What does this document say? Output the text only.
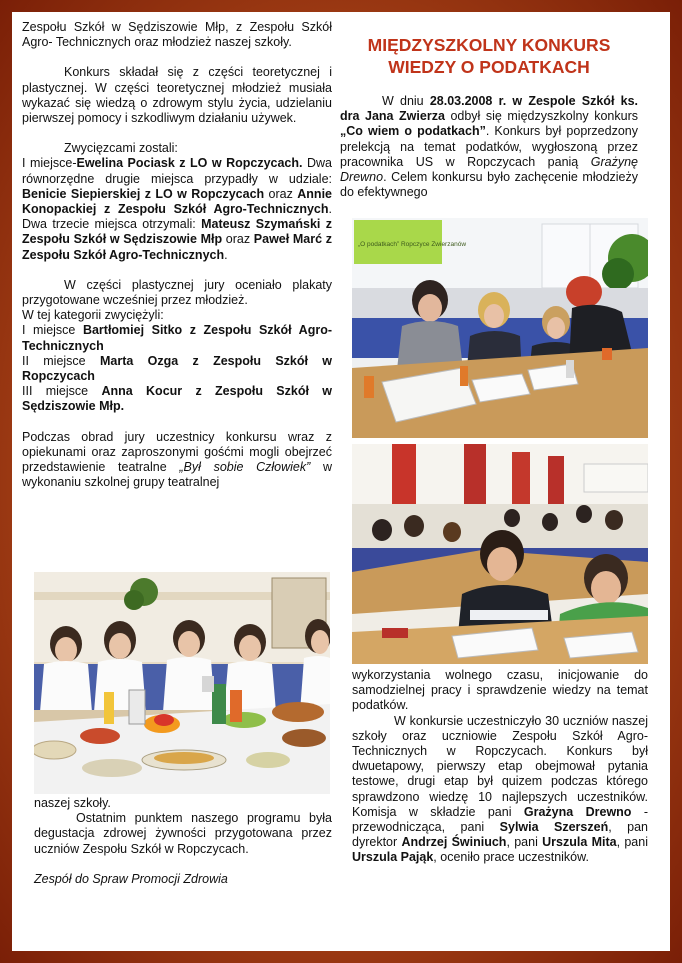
Zespołu Szkół w Sędziszowie Młp, z Zespołu Szkół Agro- Technicznych oraz młodzież naszej szkoły.

Konkurs składał się z części teoretycznej i plastycznej. W części teoretycznej młodzież musiała wykazać się wiedzą o zdrowym stylu życia, udzielaniu pierwszej pomocy i szkodliwym działaniu używek.

Zwycięzcami zostali:

I miejsce-Ewelina Pociask z LO w Ropczycach. Dwa równorzędne drugie miejsca przypadły w udziale: Benicie Siepierskiej z LO w Ropczycach oraz Annie Konopackiej z Zespołu Szkół Agro-Technicznych. Dwa trzecie miejsca otrzymali: Mateusz Szymański z Zespołu Szkół w Sędziszowie Młp oraz Paweł Marć z Zespołu Szkół Agro-Technicznych.

W części plastycznej jury oceniało plakaty przygotowane wcześniej przez młodzież.

W tej kategorii zwyciężyli:

I miejsce Bartłomiej Sitko z Zespołu Szkół Agro- Technicznych

II miejsce Marta Ozga z Zespołu Szkół w Ropczycach

III miejsce Anna Kocur z Zespołu Szkół w Sędziszowie Młp.

Podczas obrad jury uczestnicy konkursu wraz z opiekunami oraz zaproszonymi gośćmi mogli obejrzeć przedstawienie teatralne „Był sobie Człowiek” w wykonaniu szkolnej grupy teatralnej

naszej szkoły.

Ostatnim punktem naszego programu była degustacja zdrowej żywności przygotowana przez uczniów Zespołu Szkół w Ropczycach.

Zespół do Spraw Promocji Zdrowia

MIĘDZYSZKOLNY KONKURS WIEDZY O PODATKACH

W dniu 28.03.2008 r. w Zespole Szkół ks. dra Jana Zwierza odbył się międzyszkolny konkurs „Co wiem o podatkach”. Konkurs był poprzedzony prelekcją na temat podatków, wygłoszoną przez pracownika US w Ropczycach panią Grażynę Drewno. Celem konkursu było zachęcenie młodzieży do efektywnego

„O podatkach” Ropczyce Zwierzanów

wykorzystania wolnego czasu, inicjowanie do samodzielnej pracy i sprawdzenie wiedzy na temat podatków.

W konkursie uczestniczyło 30 uczniów naszej szkoły oraz uczniowie Zespołu Szkół Agro-Technicznych w Ropczycach. Konkurs był dwuetapowy, pierwszy etap obejmował pytania testowe, drugi etap był quizem podczas którego sprawdzono wiedzę 10 najlepszych uczestników. Komisja w składzie pani Grażyna Drewno - przewodnicząca, pani Sylwia Szerszeń, pan dyrektor Andrzej Świniuch, pani Urszula Mita, pani Urszula Pająk, oceniło prace uczestników.
